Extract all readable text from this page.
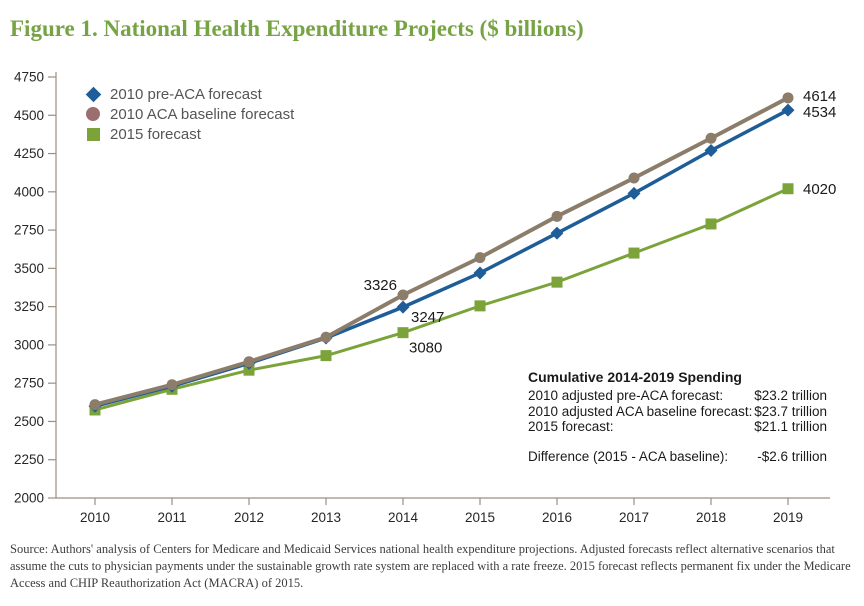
Figure 1. National Health Expenditure Projects ($ billions)
4750
4500
4250
4000
2750
3500
3250
3000
2750
2500
2250
2000
2010	2011	2012	2013	2014	2015	2016	2017	2018	2019
3326
3247
3080
4614
4534
4020
2010 pre-ACA forecast
2010 ACA baseline forecast
2015 forecast

Cumulative 2014-2019 Spending

2010 adjusted pre-ACA forecast: $23.2 trillion
2010 adjusted ACA baseline forecast: $23.7 trillion
2015 forecast:	$21.1 trillion
Difference (2015 - ACA baseline): -$2.6 trillion

Source: Authors' analysis of Centers for Medicare and Medicaid Services national health expenditure projections. Adjusted forecasts reflect alternative scenarios that assume the cuts to physician payments under the sustainable growth rate system are replaced with a rate freeze. 2015 forecast reflects permanent fix under the Medicare Access and CHIP Reauthorization Act (MACRA) of 2015.
